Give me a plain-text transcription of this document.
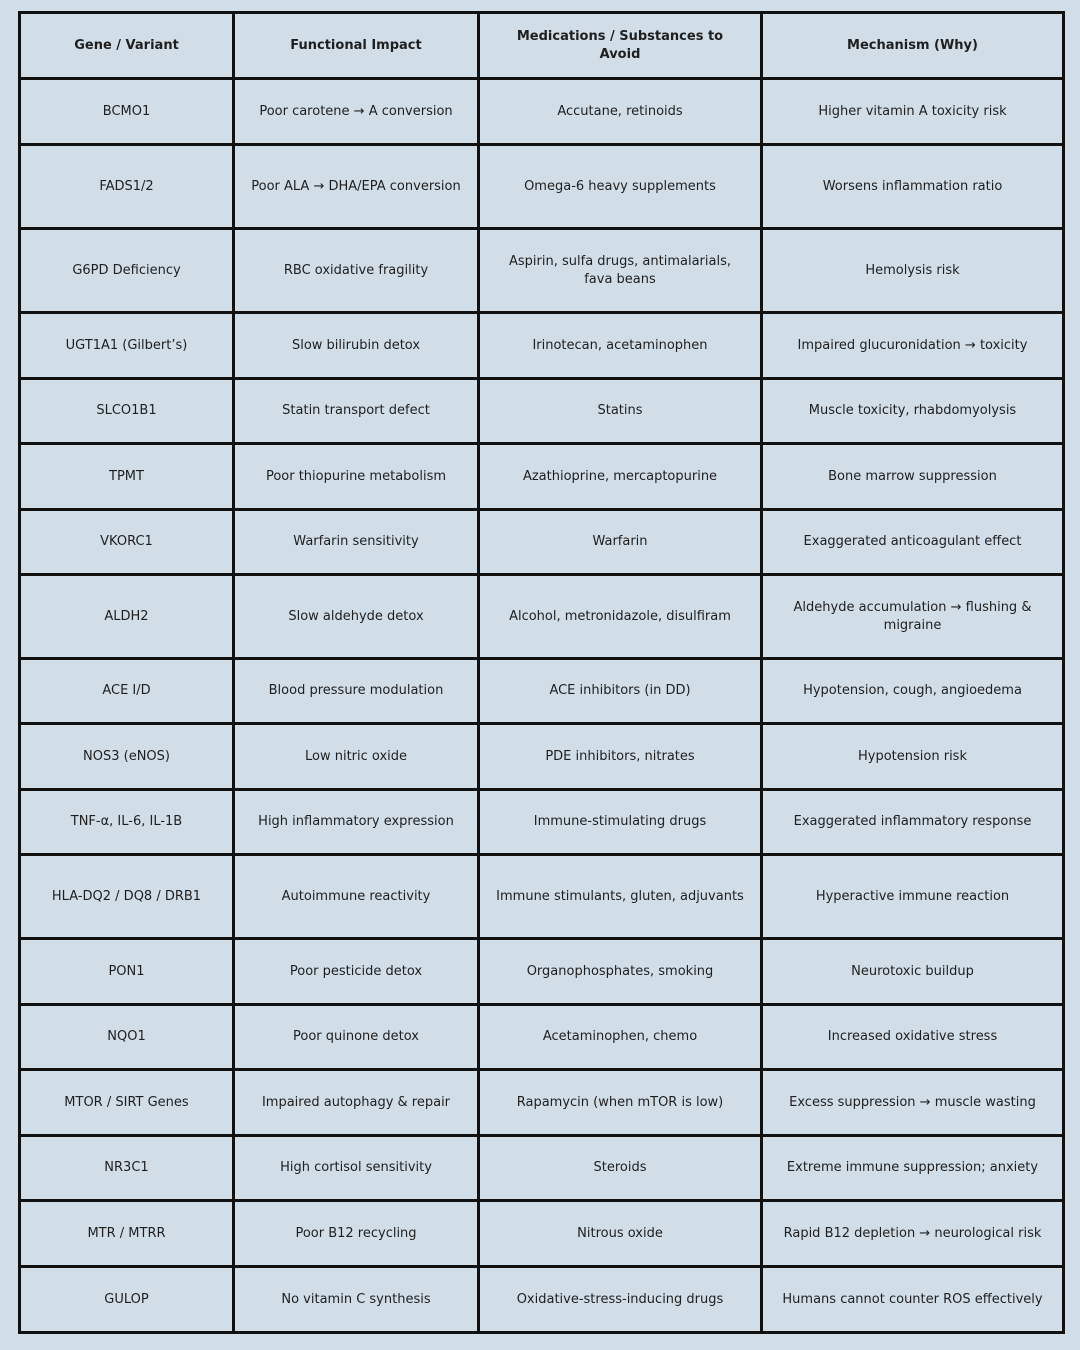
Gene / Variant	Functional Impact	Medications / Substances to Avoid	Mechanism (Why)
BCMO1	Poor carotene → A conversion	Accutane, retinoids	Higher vitamin A toxicity risk
FADS1/2	Poor ALA → DHA/EPA conversion	Omega-6 heavy supplements	Worsens inflammation ratio
G6PD Deficiency	RBC oxidative fragility	Aspirin, sulfa drugs, antimalarials, fava beans	Hemolysis risk
UGT1A1 (Gilbert’s)	Slow bilirubin detox	Irinotecan, acetaminophen	Impaired glucuronidation → toxicity
SLCO1B1	Statin transport defect	Statins	Muscle toxicity, rhabdomyolysis
TPMT	Poor thiopurine metabolism	Azathioprine, mercaptopurine	Bone marrow suppression
VKORC1	Warfarin sensitivity	Warfarin	Exaggerated anticoagulant effect
ALDH2	Slow aldehyde detox	Alcohol, metronidazole, disulfiram	Aldehyde accumulation → flushing & migraine
ACE I/D	Blood pressure modulation	ACE inhibitors (in DD)	Hypotension, cough, angioedema
NOS3 (eNOS)	Low nitric oxide	PDE inhibitors, nitrates	Hypotension risk
TNF-α, IL-6, IL-1B	High inflammatory expression	Immune-stimulating drugs	Exaggerated inflammatory response
HLA-DQ2 / DQ8 / DRB1	Autoimmune reactivity	Immune stimulants, gluten, adjuvants	Hyperactive immune reaction
PON1	Poor pesticide detox	Organophosphates, smoking	Neurotoxic buildup
NQO1	Poor quinone detox	Acetaminophen, chemo	Increased oxidative stress
MTOR / SIRT Genes	Impaired autophagy & repair	Rapamycin (when mTOR is low)	Excess suppression → muscle wasting
NR3C1	High cortisol sensitivity	Steroids	Extreme immune suppression; anxiety
MTR / MTRR	Poor B12 recycling	Nitrous oxide	Rapid B12 depletion → neurological risk
GULOP	No vitamin C synthesis	Oxidative-stress-inducing drugs	Humans cannot counter ROS effectively
